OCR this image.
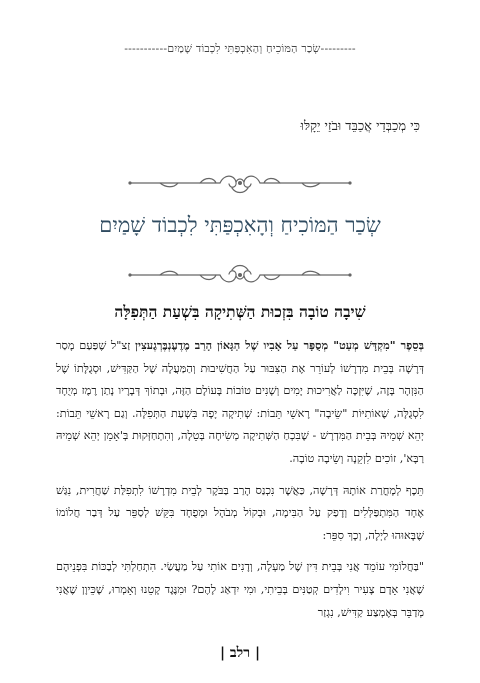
---------שְׂכַר הַמּוֹכִיחַ וְהַאִכְפַּתִּי לִכְבוֹד שָׁמַיִם-----------
כִּי מְכַבְּדַי אֲכַבֵּד וּבֹזַי יֵקָלּוּ
שְׂכַר הַמּוֹכִיחַ וְהָאִכְפַּתִּי לִכְבוֹד שָׁמַיִם
שִׁיבָה טוֹבָה בִּזְכוּת הַשְּׁתִיקָה בִּשְׁעַת הַתְּפִלָּה

בְּסֵפֶר "מִקְדָּשׁ מְעַט" מְסֻפָּר עַל אָבִיו שֶׁל הַגָּאוֹן הָרַב מֶדֶעֶנְבֶּרְגֶעצִין זַצ"ל שֶׁפַּעַם מָסַר דְּרָשָׁה בְּבֵית מִדְרָשׁוֹ לְעוֹרֵר אֶת הַצִּבּוּר עַל הַחֲשִׁיבוּת וְהַמַּעֲלָה שֶׁל הַקַּדִּישׁ, וּסְגֻלָּתוֹ שֶׁל הַנִּזְהָר בָּזֶה, שֶׁיִּזְכֶּה לַאֲרִיכוּת יָמִים וְשָׁנִים טוֹבוֹת בָּעוֹלָם הַזֶּה, וּבְתוֹךְ דְּבָרָיו נָתַן רֶמֶז מְיֻחָד לִסְגֻלָּה, שֶׁאוֹתִיּוֹת "שֵׂיבָה" רָאשֵׁי תֵּבוֹת: שְׁתִיקָה יָפָה בִּשְׁעַת הַתְּפִלָּה. וְגַם רָאשֵׁי תֵּבוֹת: יְהֵא שְׁמֵיהּ בְּבֵית הַמִּדְרָשׁ - שֶׁבִּכְחַ הַשְּׁתִיקָה מְשִׂיחָה בְּטֵלָה, וְהִתְחַזְּקוּת בְּ'אָמֵן יְהֵא שְׁמֵיהּ רַבָּא', זוֹכִים לִזְקֵנָה וְשֵׂיבָה טוֹבָה.

תֵּכֶף לְמָחֳרַת אוֹתָהּ דְּרָשָׁה, כַּאֲשֶׁר נִכְנַס הָרַב בַּבֹּקֶר לְבֵית מִדְרָשׁוֹ לִתְפִלַּת שַׁחֲרִית, נִגַּשׁ אֶחָד הַמִּתְפַּלְּלִים וְדָפַק עַל הַבִּימָה, וּבְקוֹל מְבֹהָל וּמְפֻחָד בִּקֵּשׁ לְסַפֵּר עַל דְּבַר חֲלוֹמוֹ שֶׁבָּאוּהוּ לַיְלָה, וְכָךְ סִפֵּר:

"בַּחֲלוֹמִי עוֹמֵד אֲנִי בְּבֵית דִּין שֶׁל מַעְלָה, וְדָנִים אוֹתִי עַל מַעֲשַׂי. הִתְחַלְתִּי לְבַכּוֹת בִּפְנֵיהֶם שֶׁאֲנִי אָדָם צָעִיר וִילָדִים קְטַנִּים בְּבֵיתִי, וּמִי יִדְאַג לָהֶם? וּמִנֶּגֶד קָטֵנוּ וְאָמְרוּ, שֶׁכֵּיוָן שֶׁאֲנִי מְדַבֵּר בְּאֶמְצַע קַדִּישׁ, נִגְזַר

| רלב |
